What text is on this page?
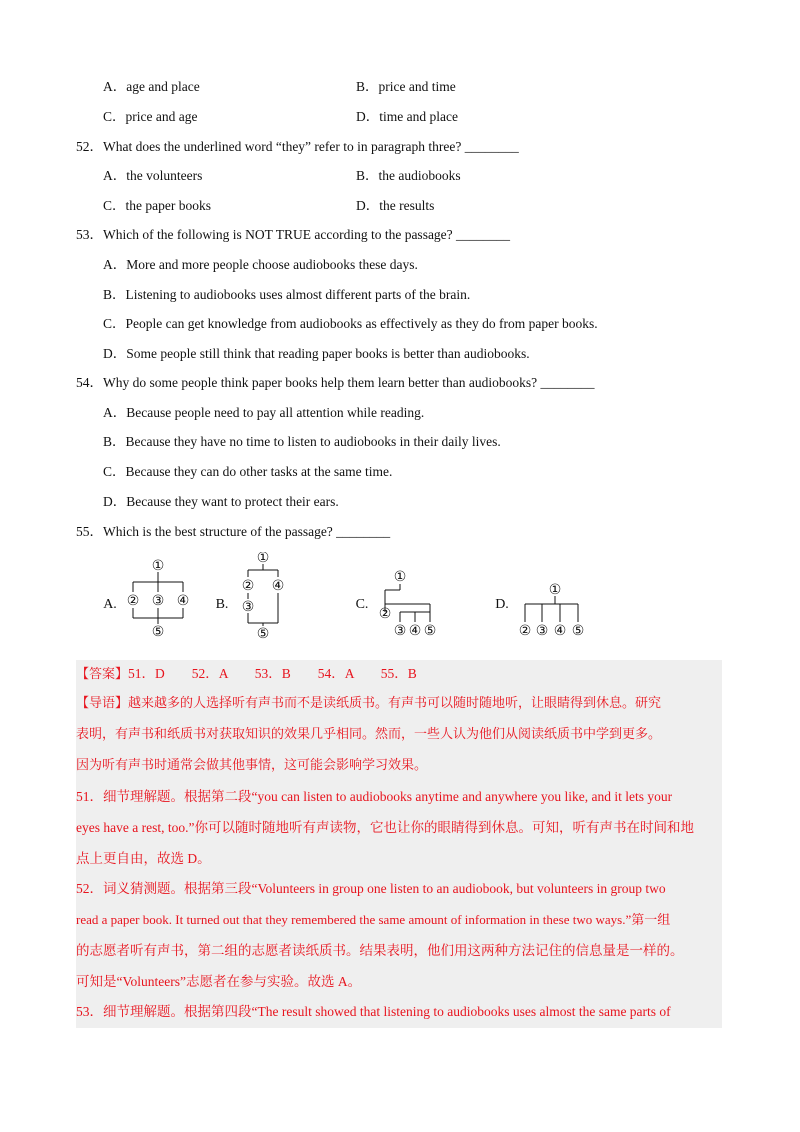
A．age and place	B．price and time
C．price and age	D．time and place
52．What does the underlined word “they” refer to in paragraph three? ________
A．the volunteers	B．the audiobooks
C．the paper books	D．the results
53．Which of the following is NOT TRUE according to the passage? ________
A．More and more people choose audiobooks these days.
B．Listening to audiobooks uses almost different parts of the brain.
C．People can get knowledge from audiobooks as effectively as they do from paper books.
D．Some people still think that reading paper books is better than audiobooks.
54．Why do some people think paper books help them learn better than audiobooks? ________
A．Because people need to pay all attention while reading.
B．Because they have no time to listen to audiobooks in their daily lives.
C．Because they can do other tasks at the same time.
D．Because they want to protect their ears.
55．Which is the best structure of the passage? ________
A.	B.	C.	D.
①
② ③ ④
⑤
①
② ④
③
⑤
①
②
③ ④ ⑤
①
② ③ ④ ⑤
【答案】51．D　　52．A　　53．B　　54．A　　55．B
【导语】越来越多的人选择听有声书而不是读纸质书。有声书可以随时随地听，让眼睛得到休息。研究
表明，有声书和纸质书对获取知识的效果几乎相同。然而，一些人认为他们从阅读纸质书中学到更多。
因为听有声书时通常会做其他事情，这可能会影响学习效果。
51．细节理解题。根据第二段“you can listen to audiobooks anytime and anywhere you like, and it lets your
eyes have a rest, too.”你可以随时随地听有声读物，它也让你的眼睛得到休息。可知，听有声书在时间和地
点上更自由，故选 D。
52．词义猜测题。根据第三段“Volunteers in group one listen to an audiobook, but volunteers in group two
read a paper book. It turned out that they remembered the same amount of information in these two ways.”第一组
的志愿者听有声书，第二组的志愿者读纸质书。结果表明，他们用这两种方法记住的信息量是一样的。
可知是“Volunteers”志愿者在参与实验。故选 A。
53．细节理解题。根据第四段“The result showed that listening to audiobooks uses almost the same parts of
